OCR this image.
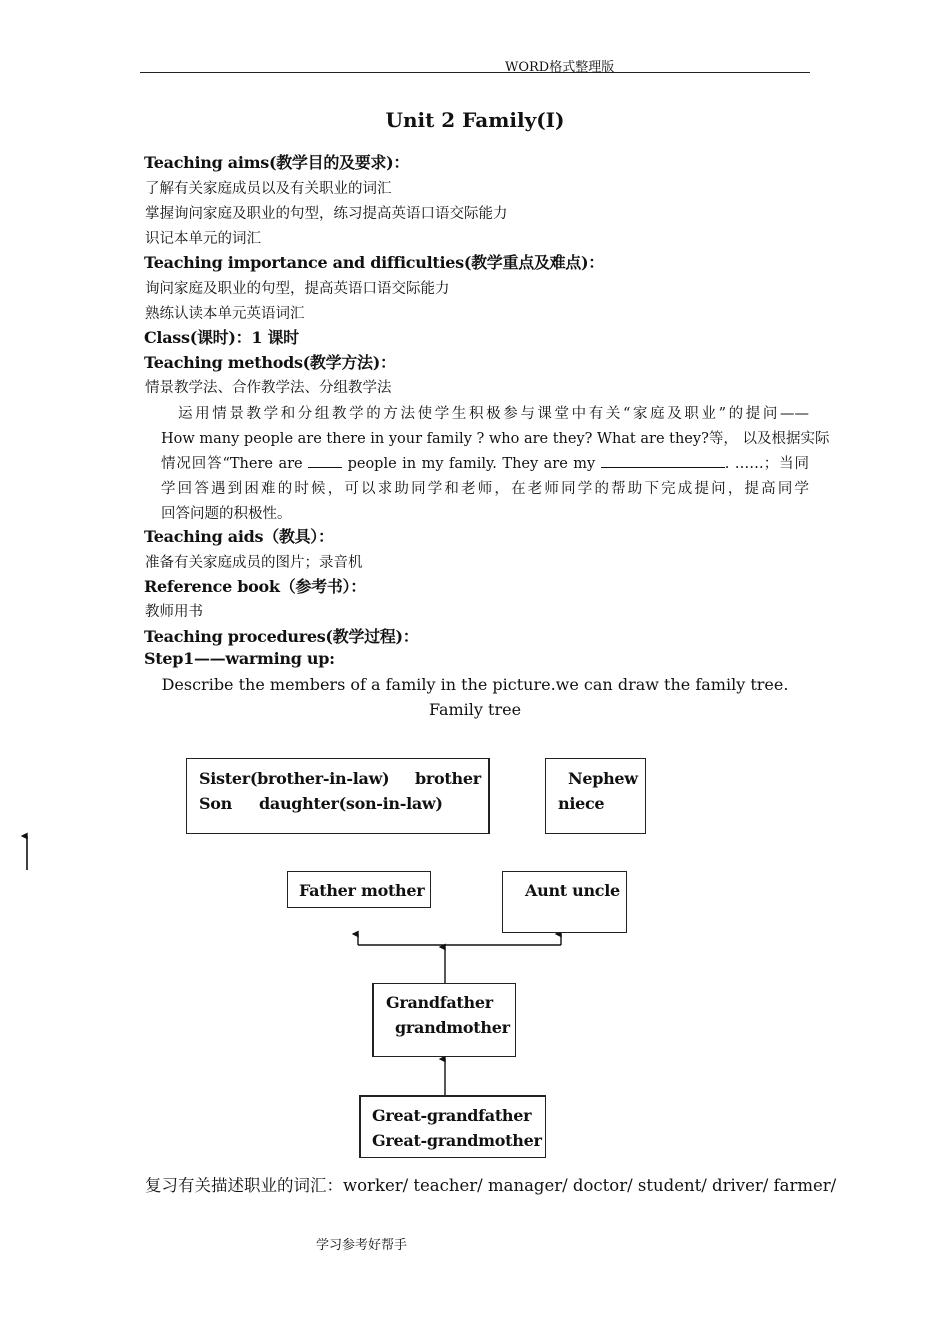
WORD格式整理版
Unit 2 Family(Ⅰ)
Teaching aims(教学目的及要求)：
了解有关家庭成员以及有关职业的词汇
掌握询问家庭及职业的句型，练习提高英语口语交际能力
识记本单元的词汇
Teaching importance and difficulties(教学重点及难点)：
询问家庭及职业的句型，提高英语口语交际能力
熟练认读本单元英语词汇
Class(课时)：1 课时
Teaching methods(教学方法)：
情景教学法、合作教学法、分组教学法
运用情景教学和分组教学的方法使学生积极参与课堂中有关“家庭及职业”的提问——
How many people are there in your family ? who are they? What are they?等， 以及根据实际
情况回答“There are	people in my family. They are my	. ……；当同
学回答遇到困难的时候，可以求助同学和老师，在老师同学的帮助下完成提问，提高同学
回答问题的积极性。
Teaching aids（教具）：
准备有关家庭成员的图片；录音机
Reference book（参考书）：
教师用书
Teaching procedures(教学过程)：
Step1——warming up:
Describe the members of a family in the picture.we can draw the family tree.
Family tree
Sister(brother-in-law) brother
Son daughter(son-in-law)
Nephew
niece
Father mother	Aunt uncle
Grandfather
grandmother
Great-grandfather
Great-grandmother
复习有关描述职业的词汇：worker/ teacher/ manager/ doctor/ student/ driver/ farmer/
学习参考好帮手
